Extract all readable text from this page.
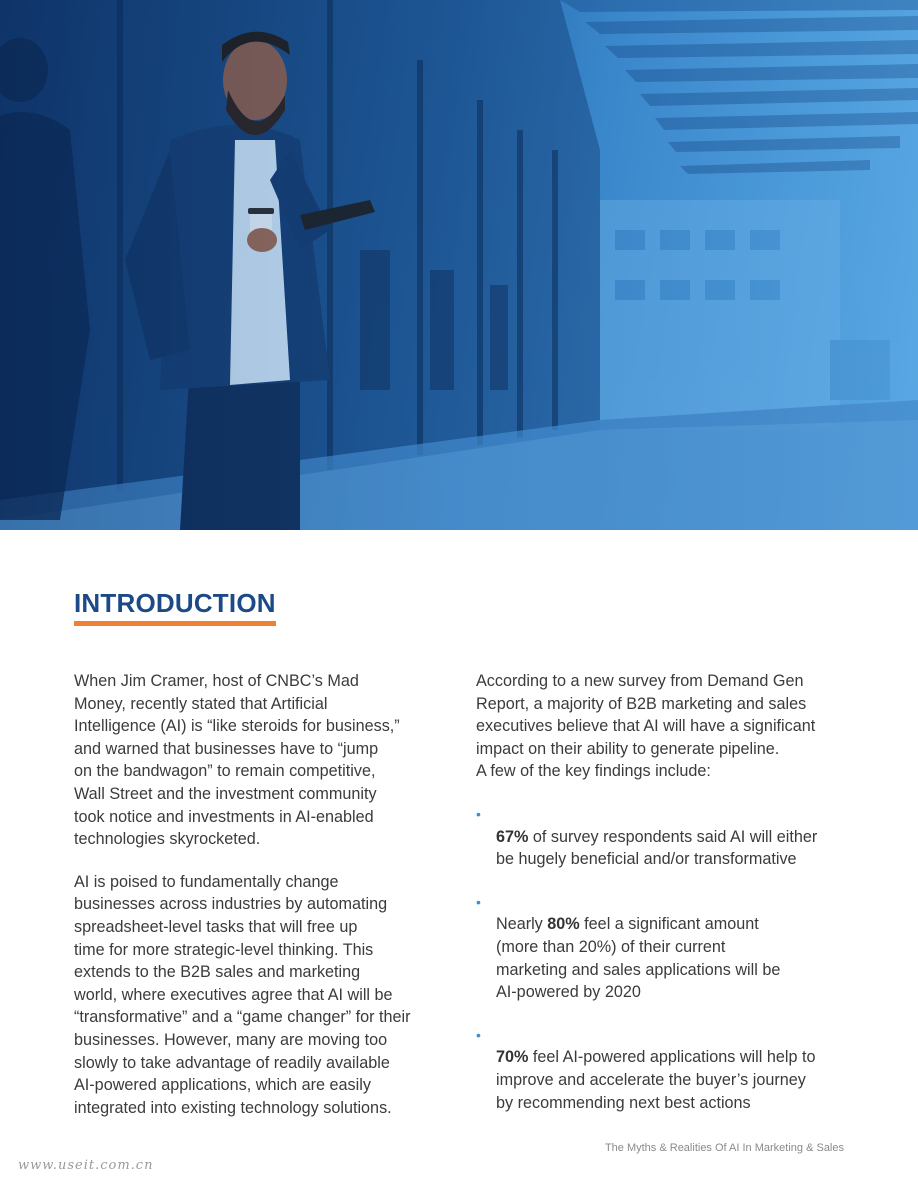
INTRODUCTION

When Jim Cramer, host of CNBC’s Mad
Money, recently stated that Artificial
Intelligence (AI) is “like steroids for business,”
and warned that businesses have to “jump
on the bandwagon” to remain competitive,
Wall Street and the investment community
took notice and investments in AI-enabled
technologies skyrocketed.

AI is poised to fundamentally change
businesses across industries by automating
spreadsheet-level tasks that will free up
time for more strategic-level thinking. This
extends to the B2B sales and marketing
world, where executives agree that AI will be
“transformative” and a “game changer” for their
businesses. However, many are moving too
slowly to take advantage of readily available
AI-powered applications, which are easily
integrated into existing technology solutions.

According to a new survey from Demand Gen
Report, a majority of B2B marketing and sales
executives believe that AI will have a significant
impact on their ability to generate pipeline.
A few of the key findings include:

•
67% of survey respondents said AI will either
be hugely beneficial and/or transformative

•
Nearly 80% feel a significant amount
(more than 20%) of their current
marketing and sales applications will be
AI-powered by 2020

•
70% feel AI-powered applications will help to
improve and accelerate the buyer’s journey
by recommending next best actions

The Myths & Realities Of AI In Marketing & Sales
www.useit.com.cn
